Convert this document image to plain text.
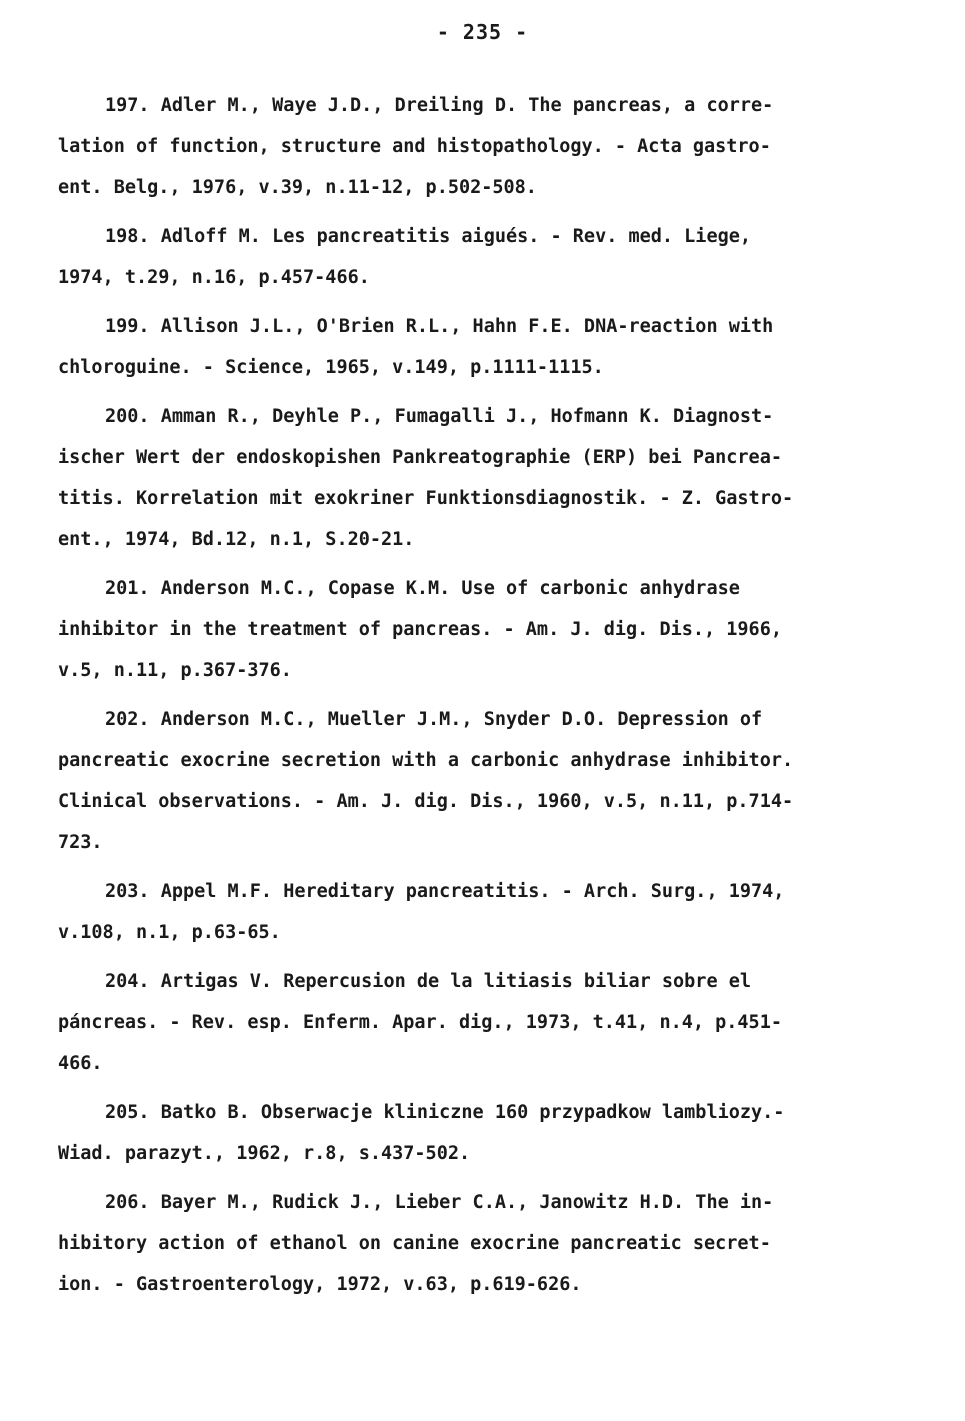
- 235 -
197. Adler M., Waye J.D., Dreiling D. The pancreas, a corre-
lation of function, structure and histopathology. - Acta gastro-
ent. Belg., 1976, v.39, n.11-12, p.502-508.
198. Adloff M. Les pancreatitis aigués. - Rev. med. Liege,
1974, t.29, n.16, p.457-466.
199. Allison J.L., O'Brien R.L., Hahn F.E. DNA-reaction with
chloroguine. - Science, 1965, v.149, p.1111-1115.
200. Amman R., Deyhle P., Fumagalli J., Hofmann K. Diagnost-
ischer Wert der endoskopishen Pankreatographie (ERP) bei Pancrea-
titis. Korrelation mit exokriner Funktionsdiagnostik. - Z. Gastro-
ent., 1974, Bd.12, n.1, S.20-21.
201. Anderson M.C., Copase K.M. Use of carbonic anhydrase
inhibitor in the treatment of pancreas. - Am. J. dig. Dis., 1966,
v.5, n.11, p.367-376.
202. Anderson M.C., Mueller J.M., Snyder D.O. Depression of
pancreatic exocrine secretion with a carbonic anhydrase inhibitor.
Clinical observations. - Am. J. dig. Dis., 1960, v.5, n.11, p.714-
723.
203. Appel M.F. Hereditary pancreatitis. - Arch. Surg., 1974,
v.108, n.1, p.63-65.
204. Artigas V. Repercusion de la litiasis biliar sobre el
páncreas. - Rev. esp. Enferm. Apar. dig., 1973, t.41, n.4, p.451-
466.
205. Batko B. Obserwacje kliniczne 160 przypadkow lambliozy.-
Wiad. parazyt., 1962, r.8, s.437-502.
206. Bayer M., Rudick J., Lieber C.A., Janowitz H.D. The in-
hibitory action of ethanol on canine exocrine pancreatic secret-
ion. - Gastroenterology, 1972, v.63, p.619-626.
